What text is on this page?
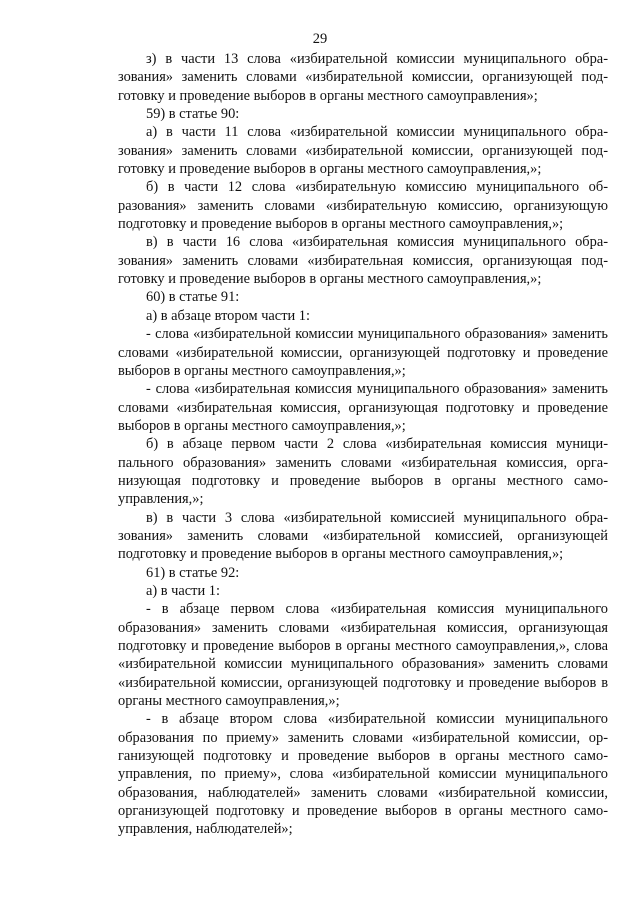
29

з) в части 13 слова «избирательной комиссии муниципального образования» заменить словами «избирательной комиссии, организующей подготовку и проведение выборов в органы местного самоуправления»;

59) в статье 90:

а) в части 11 слова «избирательной комиссии муниципального образования» заменить словами «избирательной комиссии, организующей подготовку и проведение выборов в органы местного самоуправления,»;

б) в части 12 слова «избирательную комиссию муниципального образования» заменить словами «избирательную комиссию, организующую подготовку и проведение выборов в органы местного самоуправления,»;

в) в части 16 слова «избирательная комиссия муниципального образования» заменить словами «избирательная комиссия, организующая подготовку и проведение выборов в органы местного самоуправления,»;

60) в статье 91:

а) в абзаце втором части 1:

- слова «избирательной комиссии муниципального образования» заменить словами «избирательной комиссии, организующей подготовку и проведение выборов в органы местного самоуправления,»;

- слова «избирательная комиссия муниципального образования» заменить словами «избирательная комиссия, организующая подготовку и проведение выборов в органы местного самоуправления,»;

б) в абзаце первом части 2 слова «избирательная комиссия муниципального образования» заменить словами «избирательная комиссия, организующая подготовку и проведение выборов в органы местного самоуправления,»;

в) в части 3 слова «избирательной комиссией муниципального образования» заменить словами «избирательной комиссией, организующей подготовку и проведение выборов в органы местного самоуправления,»;

61) в статье 92:

а) в части 1:

- в абзаце первом слова «избирательная комиссия муниципального образования» заменить словами «избирательная комиссия, организующая подготовку и проведение выборов в органы местного самоуправления,», слова «избирательной комиссии муниципального образования» заменить словами «избирательной комиссии, организующей подготовку и проведение выборов в органы местного самоуправления,»;

- в абзаце втором слова «избирательной комиссии муниципального образования по приему» заменить словами «избирательной комиссии, организующей подготовку и проведение выборов в органы местного самоуправления, по приему», слова «избирательной комиссии муниципального образования, наблюдателей» заменить словами «избирательной комиссии, организующей подготовку и проведение выборов в органы местного самоуправления, наблюдателей»;
